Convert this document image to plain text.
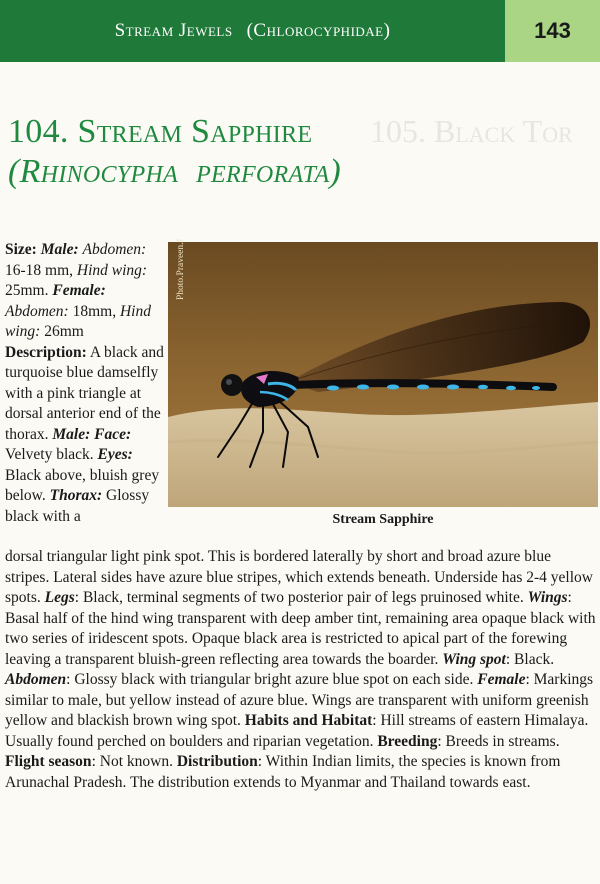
Stream Jewels (Chlorocyphidae)	143
105. Black Tor
104. Stream Sapphire
(Rhinocypha perforata)
Photo.Praveen.J
Stream Sapphire
Size: Male: Abdomen: 16-18 mm, Hind wing: 25mm. Female: Abdomen: 18mm, Hind wing: 26mm Description: A black and turquoise blue damselfly with a pink triangle at dorsal anterior end of the thorax. Male: Face: Velvety black. Eyes: Black above, bluish grey below. Thorax: Glossy black with a
dorsal triangular light pink spot. This is bordered laterally by short and broad azure blue stripes. Lateral sides have azure blue stripes, which extends beneath. Underside has 2-4 yellow spots. Legs: Black, terminal segments of two posterior pair of legs pruinosed white. Wings: Basal half of the hind wing transparent with deep amber tint, remaining area opaque black with two series of iridescent spots. Opaque black area is restricted to apical part of the forewing leaving a transparent bluish-green reflecting area towards the boarder. Wing spot: Black. Abdomen: Glossy black with triangular bright azure blue spot on each side. Female: Markings similar to male, but yellow instead of azure blue. Wings are transparent with uniform greenish yellow and blackish brown wing spot. Habits and Habitat: Hill streams of eastern Himalaya. Usually found perched on boulders and riparian vegetation. Breeding: Breeds in streams. Flight season: Not known. Distribution: Within Indian limits, the species is known from Arunachal Pradesh. The distribution extends to Myanmar and Thailand towards east.
